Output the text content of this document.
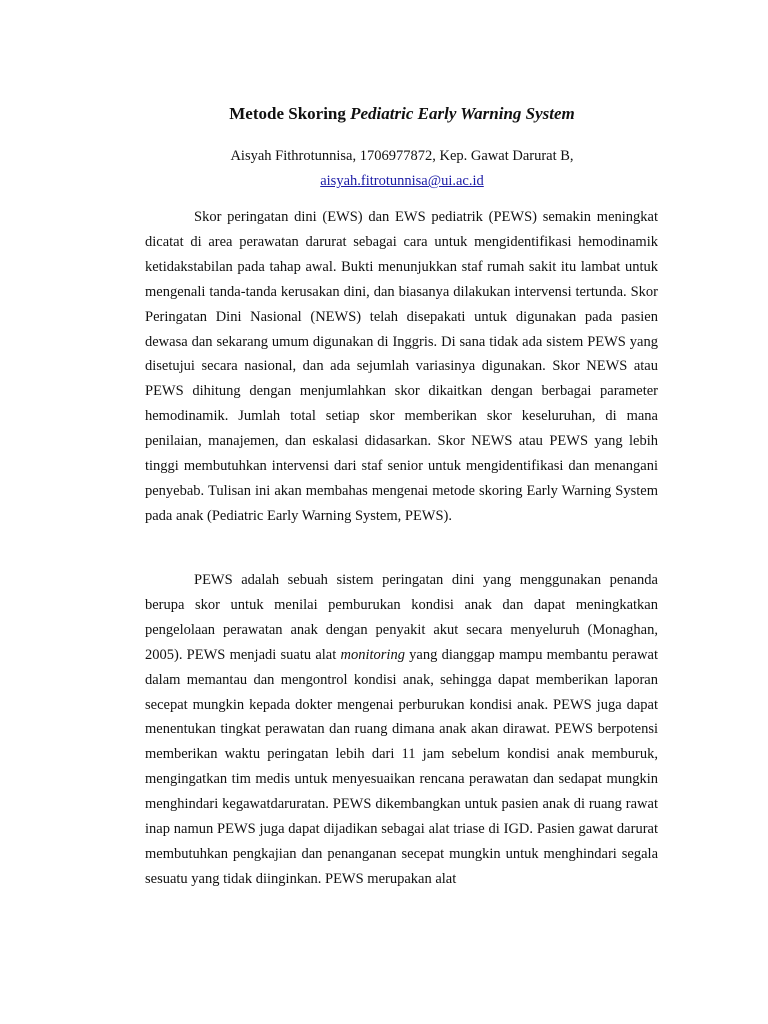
Metode Skoring Pediatric Early Warning System

Aisyah Fithrotunnisa, 1706977872, Kep. Gawat Darurat B,

aisyah.fitrotunnisa@ui.ac.id

Skor peringatan dini (EWS) dan EWS pediatrik (PEWS) semakin meningkat dicatat di area perawatan darurat sebagai cara untuk mengidentifikasi hemodinamik ketidakstabilan pada tahap awal. Bukti menunjukkan staf rumah sakit itu lambat untuk mengenali tanda-tanda kerusakan dini, dan biasanya dilakukan intervensi tertunda. Skor Peringatan Dini Nasional (NEWS) telah disepakati untuk digunakan pada pasien dewasa dan sekarang umum digunakan di Inggris. Di sana tidak ada sistem PEWS yang disetujui secara nasional, dan ada sejumlah variasinya digunakan. Skor NEWS atau PEWS dihitung dengan menjumlahkan skor dikaitkan dengan berbagai parameter hemodinamik. Jumlah total setiap skor memberikan skor keseluruhan, di mana penilaian, manajemen, dan eskalasi didasarkan. Skor NEWS atau PEWS yang lebih tinggi membutuhkan intervensi dari staf senior untuk mengidentifikasi dan menangani penyebab. Tulisan ini akan membahas mengenai metode skoring Early Warning System pada anak (Pediatric Early Warning System, PEWS).

PEWS adalah sebuah sistem peringatan dini yang menggunakan penanda berupa skor untuk menilai pemburukan kondisi anak dan dapat meningkatkan pengelolaan perawatan anak dengan penyakit akut secara menyeluruh (Monaghan, 2005). PEWS menjadi suatu alat monitoring yang dianggap mampu membantu perawat dalam memantau dan mengontrol kondisi anak, sehingga dapat memberikan laporan secepat mungkin kepada dokter mengenai perburukan kondisi anak. PEWS juga dapat menentukan tingkat perawatan dan ruang dimana anak akan dirawat. PEWS berpotensi memberikan waktu peringatan lebih dari 11 jam sebelum kondisi anak memburuk, mengingatkan tim medis untuk menyesuaikan rencana perawatan dan sedapat mungkin menghindari kegawatdaruratan. PEWS dikembangkan untuk pasien anak di ruang rawat inap namun PEWS juga dapat dijadikan sebagai alat triase di IGD. Pasien gawat darurat membutuhkan pengkajian dan penanganan secepat mungkin untuk menghindari segala sesuatu yang tidak diinginkan. PEWS merupakan alat
